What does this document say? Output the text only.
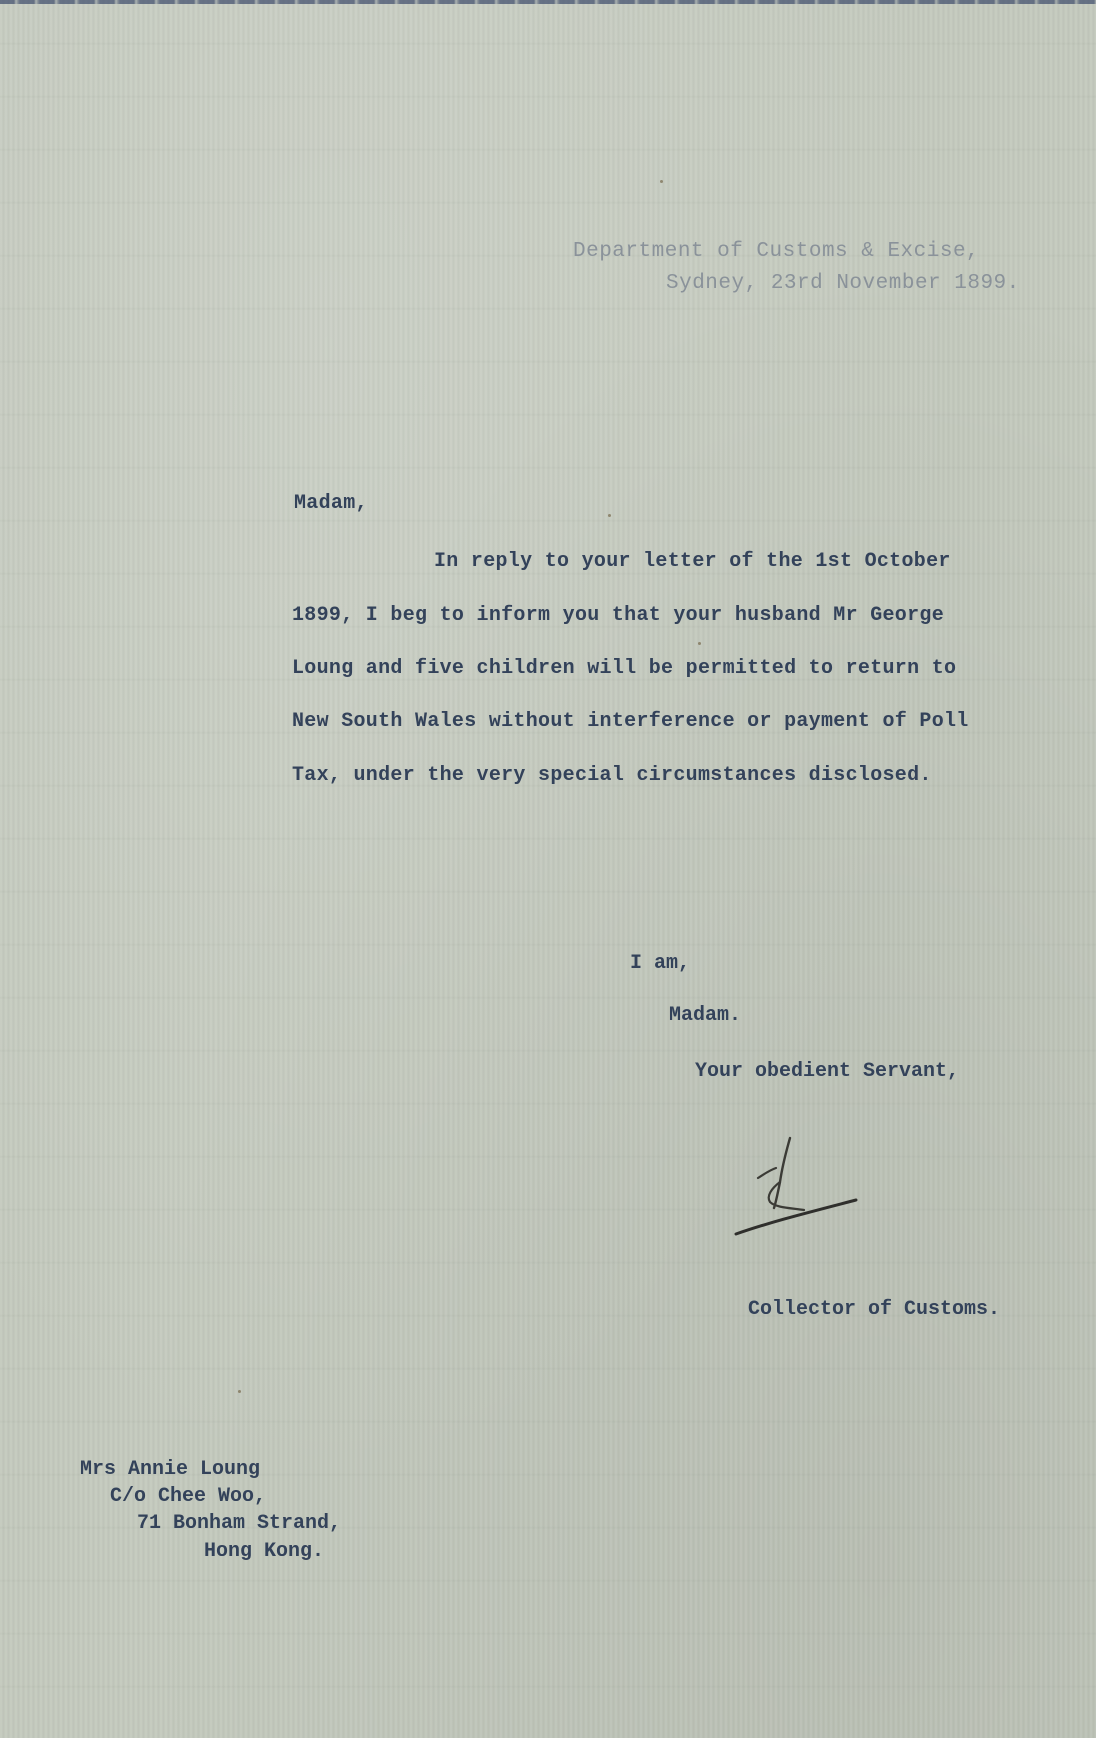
Department of Customs & Excise,
Sydney, 23rd November 1899.
Madam,
In reply to your letter of the 1st October
1899, I beg to inform you that your husband Mr George
Loung and five children will be permitted to return to
New South Wales without interference or payment of Poll
Tax, under the very special circumstances disclosed.
I am,
Madam.
Your obedient Servant,
Collector of Customs.
Mrs Annie Loung
C/o Chee Woo,
71 Bonham Strand,
Hong Kong.
